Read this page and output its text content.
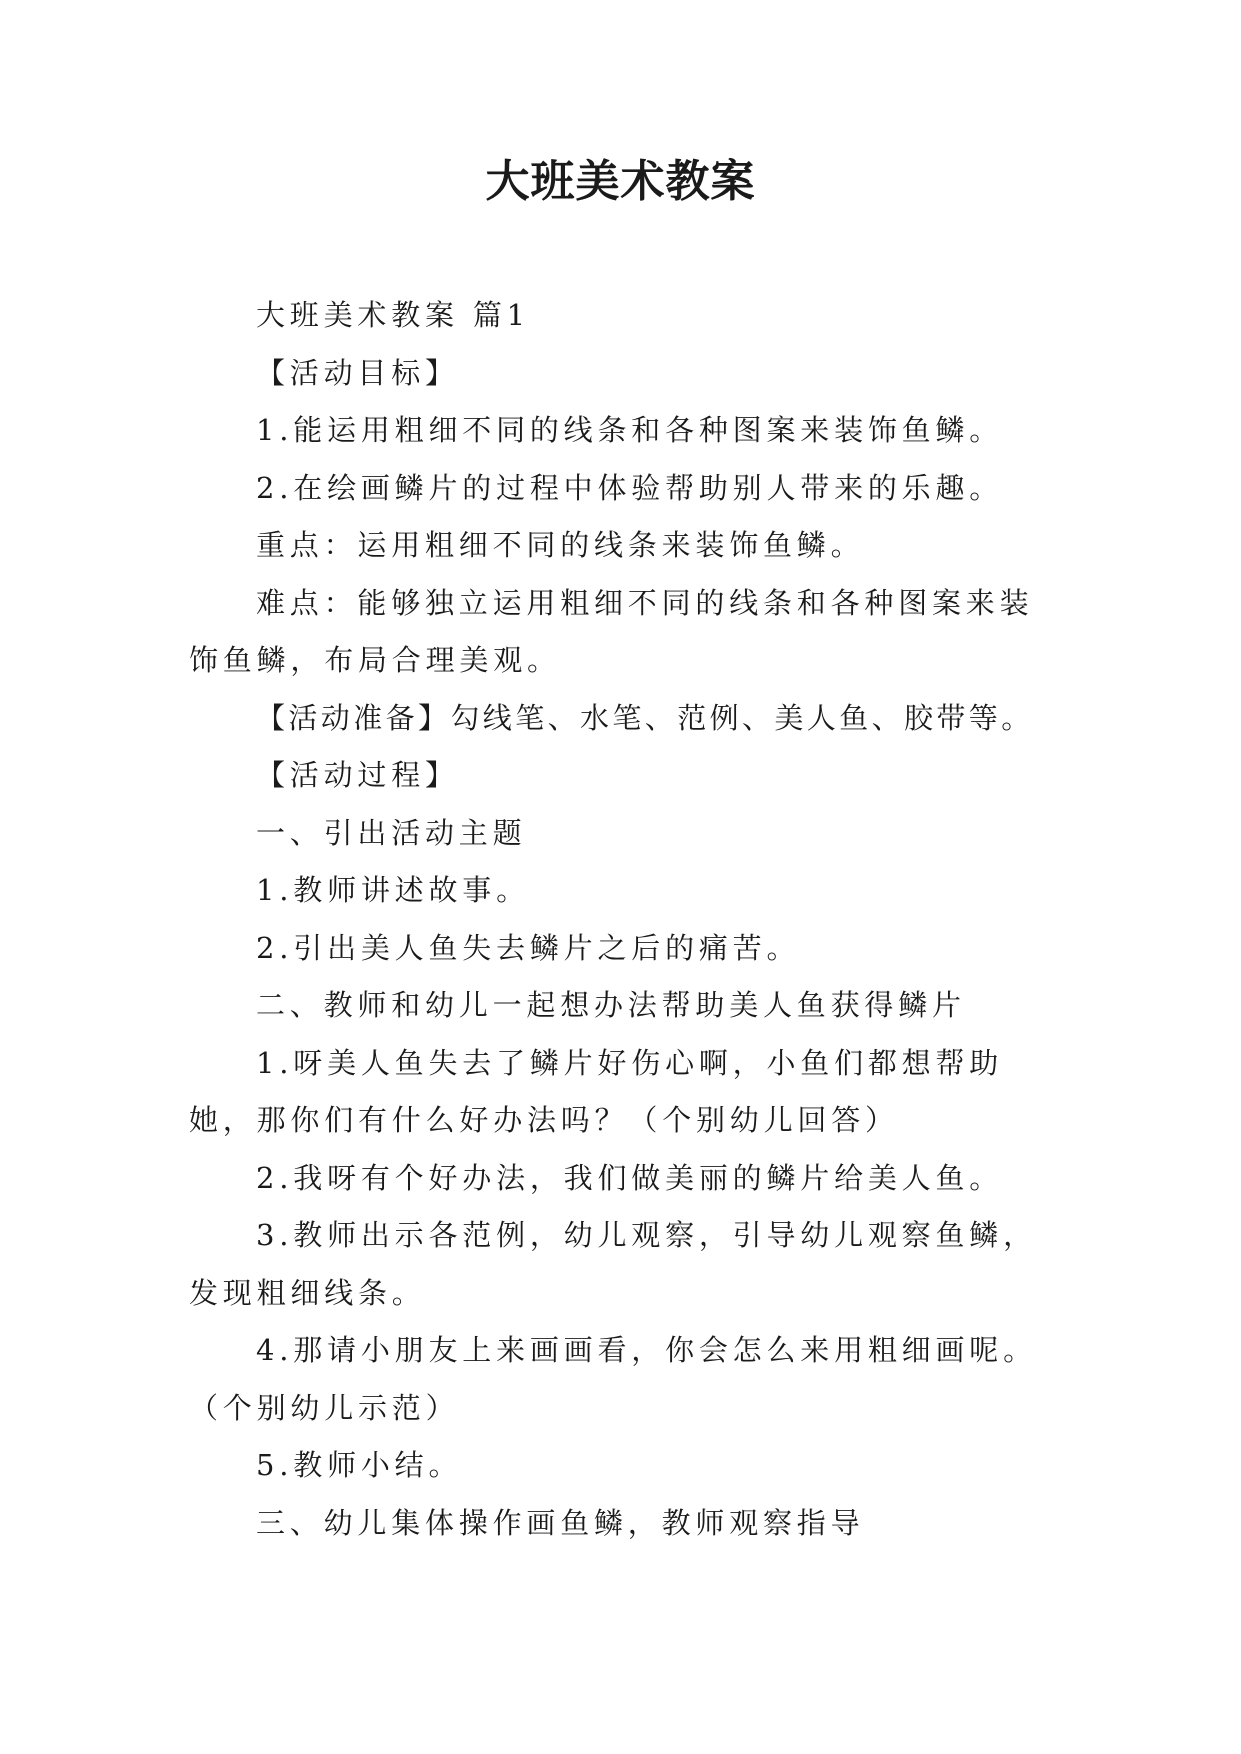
大班美术教案

大班美术教案 篇1

【活动目标】

1.能运用粗细不同的线条和各种图案来装饰鱼鳞。

2.在绘画鳞片的过程中体验帮助别人带来的乐趣。

重点：运用粗细不同的线条来装饰鱼鳞。

难点：能够独立运用粗细不同的线条和各种图案来装饰鱼鳞，布局合理美观。

【活动准备】勾线笔、水笔、范例、美人鱼、胶带等。

【活动过程】

一、引出活动主题

1.教师讲述故事。

2.引出美人鱼失去鳞片之后的痛苦。

二、教师和幼儿一起想办法帮助美人鱼获得鳞片

1.呀美人鱼失去了鳞片好伤心啊，小鱼们都想帮助她，那你们有什么好办法吗？（个别幼儿回答）

2.我呀有个好办法，我们做美丽的鳞片给美人鱼。

3.教师出示各范例，幼儿观察，引导幼儿观察鱼鳞，发现粗细线条。

4.那请小朋友上来画画看，你会怎么来用粗细画呢。（个别幼儿示范）

5.教师小结。

三、幼儿集体操作画鱼鳞，教师观察指导
